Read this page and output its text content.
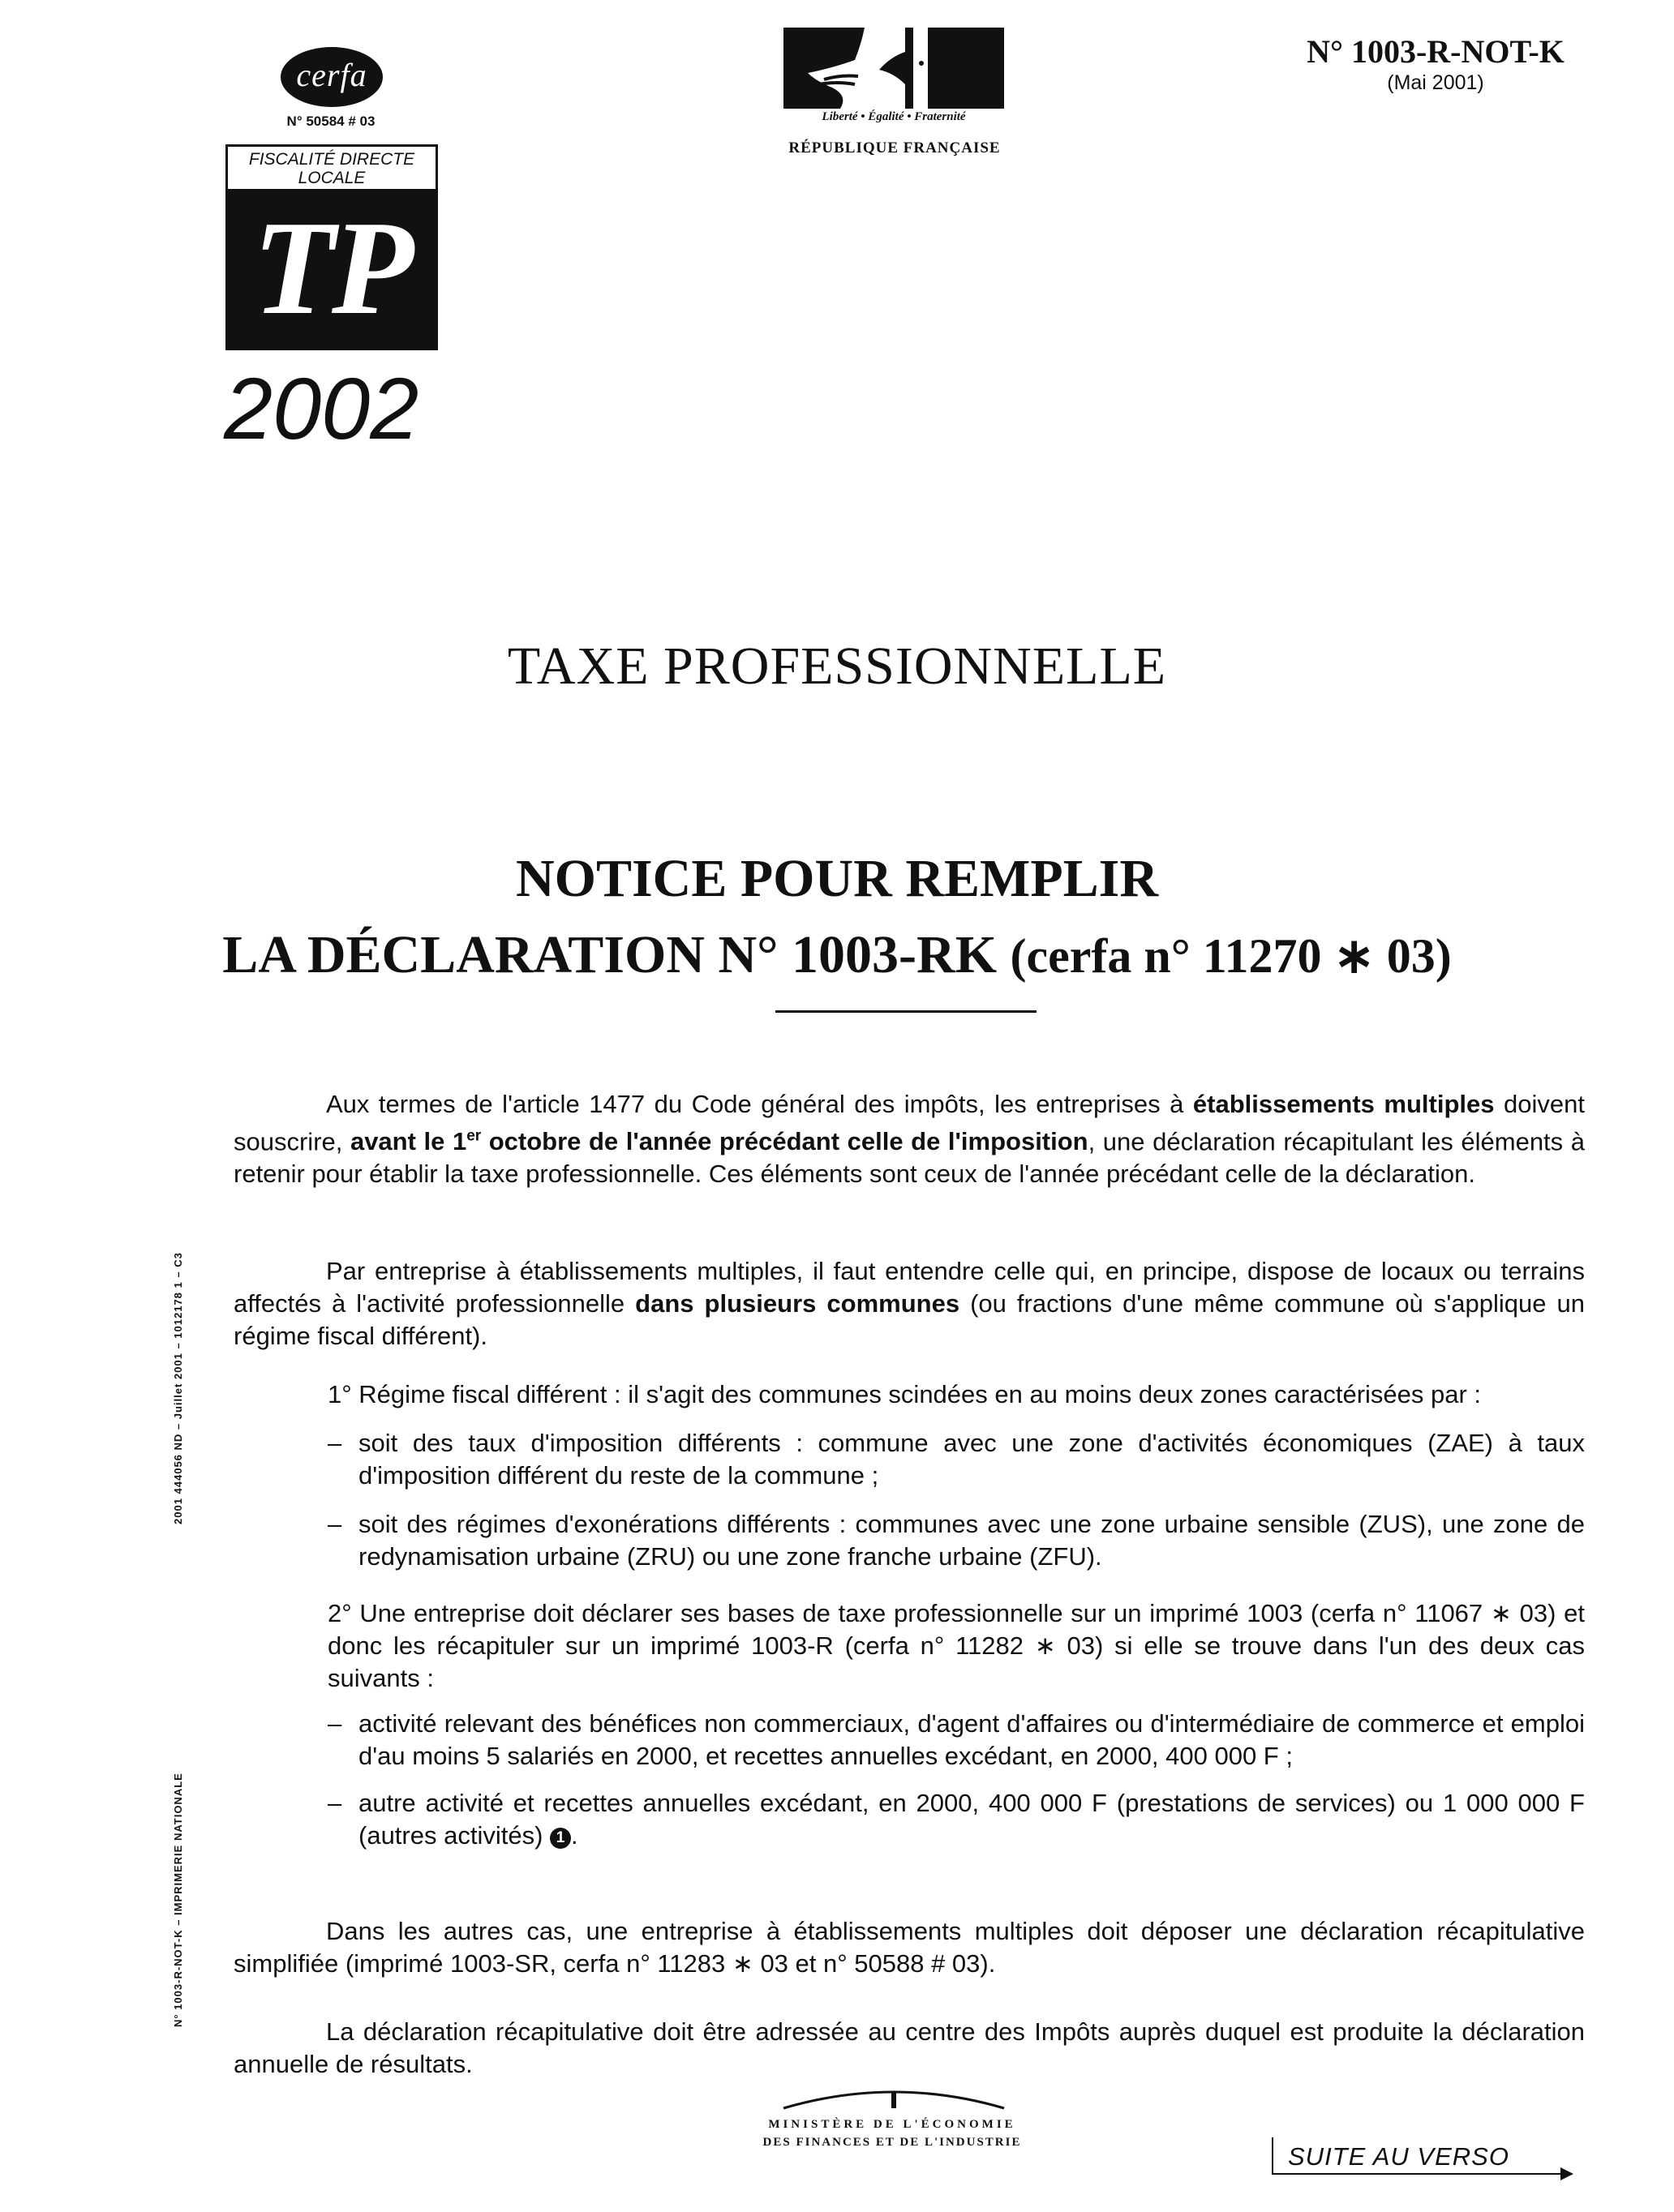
cerfa
N° 50584 # 03
FISCALITÉ DIRECTE LOCALE
TP
2002
Liberté • Égalité • Fraternité
RÉPUBLIQUE FRANÇAISE
N° 1003-R-NOT-K
(Mai 2001)
TAXE PROFESSIONNELLE
NOTICE POUR REMPLIR
LA DÉCLARATION N° 1003-RK (cerfa n° 11270 ∗ 03)
Aux termes de l'article 1477 du Code général des impôts, les entreprises à établissements multiples doivent souscrire, avant le 1er octobre de l'année précédant celle de l'imposition, une déclaration récapitulant les éléments à retenir pour établir la taxe professionnelle. Ces éléments sont ceux de l'année précédant celle de la déclaration.
Par entreprise à établissements multiples, il faut entendre celle qui, en principe, dispose de locaux ou terrains affectés à l'activité professionnelle dans plusieurs communes (ou fractions d'une même commune où s'applique un régime fiscal différent).
1° Régime fiscal différent : il s'agit des communes scindées en au moins deux zones caractérisées par :
– soit des taux d'imposition différents : commune avec une zone d'activités économiques (ZAE) à taux d'imposition différent du reste de la commune ;
– soit des régimes d'exonérations différents : communes avec une zone urbaine sensible (ZUS), une zone de redynamisation urbaine (ZRU) ou une zone franche urbaine (ZFU).
2° Une entreprise doit déclarer ses bases de taxe professionnelle sur un imprimé 1003 (cerfa n° 11067 ∗ 03) et donc les récapituler sur un imprimé 1003-R (cerfa n° 11282 ∗ 03) si elle se trouve dans l'un des deux cas suivants :
– activité relevant des bénéfices non commerciaux, d'agent d'affaires ou d'intermédiaire de commerce et emploi d'au moins 5 salariés en 2000, et recettes annuelles excédant, en 2000, 400 000 F ;
– autre activité et recettes annuelles excédant, en 2000, 400 000 F (prestations de services) ou 1 000 000 F (autres activités) 1 .
Dans les autres cas, une entreprise à établissements multiples doit déposer une déclaration récapitulative simplifiée (imprimé 1003-SR, cerfa n° 11283 ∗ 03 et n° 50588 # 03).
La déclaration récapitulative doit être adressée au centre des Impôts auprès duquel est produite la déclaration annuelle de résultats.
2001 444056 ND – Juillet 2001 – 1012178 1 – C3
N° 1003-R-NOT-K – IMPRIMERIE NATIONALE
MINISTÈRE DE L'ÉCONOMIE
DES FINANCES ET DE L'INDUSTRIE	SUITE AU VERSO
